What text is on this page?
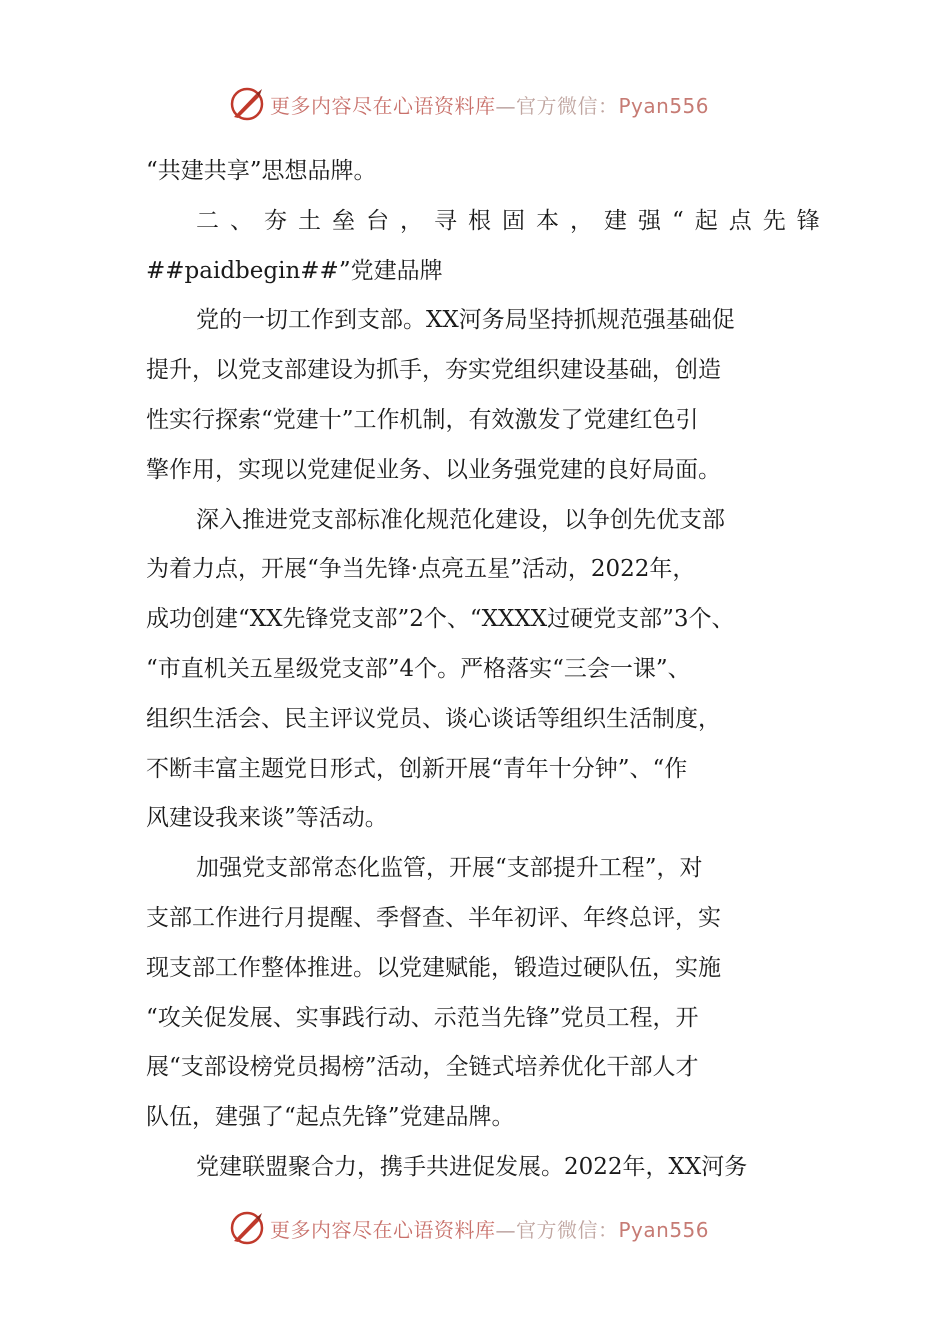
更多内容尽在心语资料库—官方微信：Pyan556
“共建共享”思想品牌。
二、夯土垒台，寻根固本，建强“起点先锋
##paidbegin##”党建品牌
党的一切工作到支部。XX河务局坚持抓规范强基础促
提升，以党支部建设为抓手，夯实党组织建设基础，创造
性实行探索“党建十”工作机制，有效激发了党建红色引
擎作用，实现以党建促业务、以业务强党建的良好局面。
深入推进党支部标准化规范化建设，以争创先优支部
为着力点，开展“争当先锋·点亮五星”活动，2022年，
成功创建“XX先锋党支部”2个、“XXXX过硬党支部”3个、
“市直机关五星级党支部”4个。严格落实“三会一课”、
组织生活会、民主评议党员、谈心谈话等组织生活制度，
不断丰富主题党日形式，创新开展“青年十分钟”、“作
风建设我来谈”等活动。
加强党支部常态化监管，开展“支部提升工程”，对
支部工作进行月提醒、季督查、半年初评、年终总评，实
现支部工作整体推进。以党建赋能，锻造过硬队伍，实施
“攻关促发展、实事践行动、示范当先锋”党员工程，开
展“支部设榜党员揭榜”活动，全链式培养优化干部人才
队伍，建强了“起点先锋”党建品牌。
党建联盟聚合力，携手共进促发展。2022年，XX河务
更多内容尽在心语资料库—官方微信：Pyan556
